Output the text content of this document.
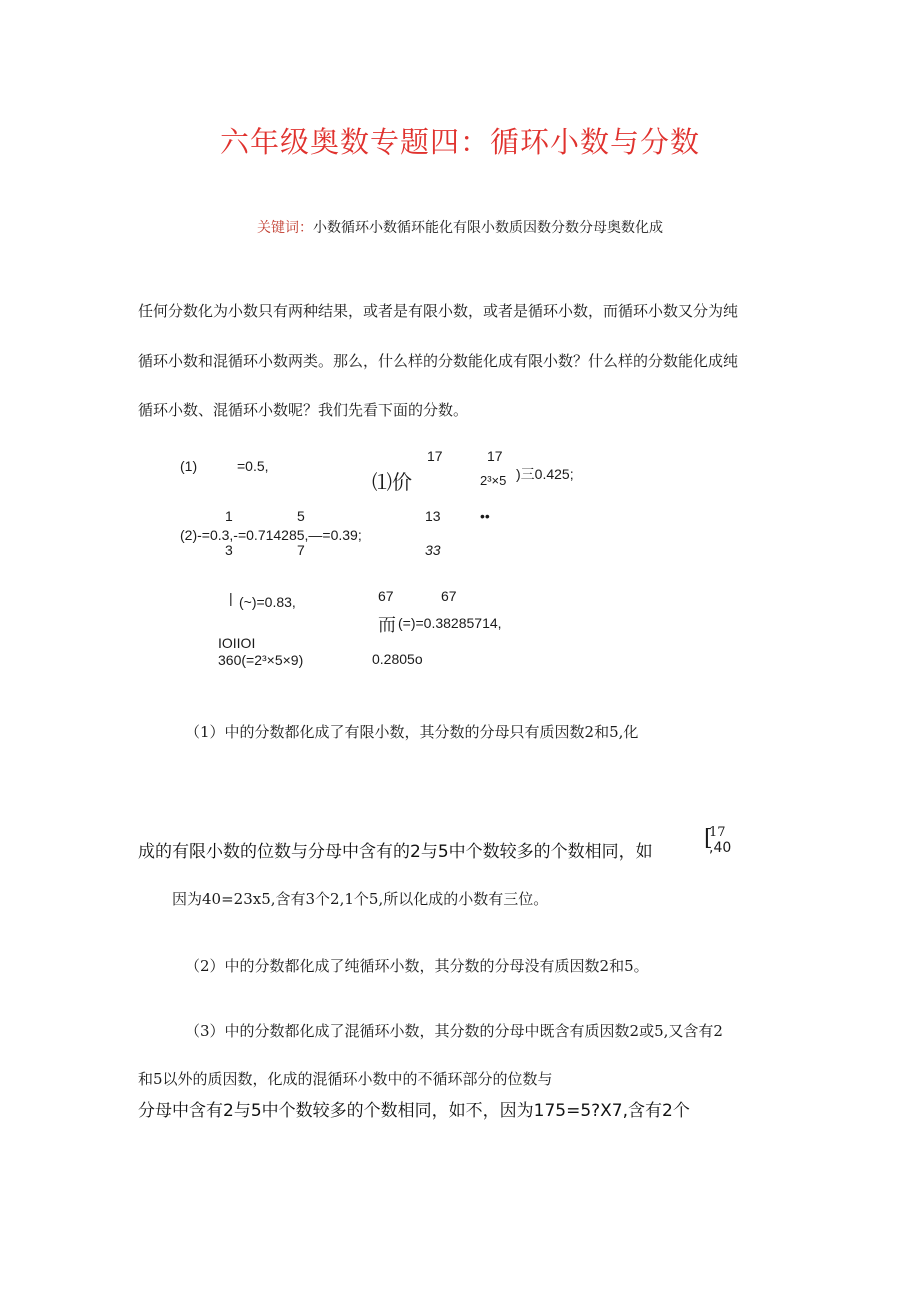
六年级奥数专题四：循环小数与分数
关键词：小数循环小数循环能化有限小数质因数分数分母奥数化成
任何分数化为小数只有两种结果，或者是有限小数，或者是循环小数，而循环小数又分为纯
循环小数和混循环小数两类。那么，什么样的分数能化成有限小数？什么样的分数能化成纯
循环小数、混循环小数呢？我们先看下面的分数。
(1)	=0.5,
⑴价
17	17
2³×5 )三0.425;
1	5	13	••
(2)-=0.3,-=0.714285,—=0.39;
3	7	33
67	67
| (~)=0.83,
而 (=)=0.38285714,
IOIIOI
360(=2³×5×9)	0.2805o
（1）中的分数都化成了有限小数，其分数的分母只有质因数2和5,化
成的有限小数的位数与分母中含有的2与5中个数较多的个数相同，如
[
17
,40
因为40=23x5,含有3个2,1个5,所以化成的小数有三位。
（2）中的分数都化成了纯循环小数，其分数的分母没有质因数2和5。
（3）中的分数都化成了混循环小数，其分数的分母中既含有质因数2或5,又含有2
和5以外的质因数，化成的混循环小数中的不循环部分的位数与
分母中含有2与5中个数较多的个数相同，如不，因为175=5?X7,含有2个
